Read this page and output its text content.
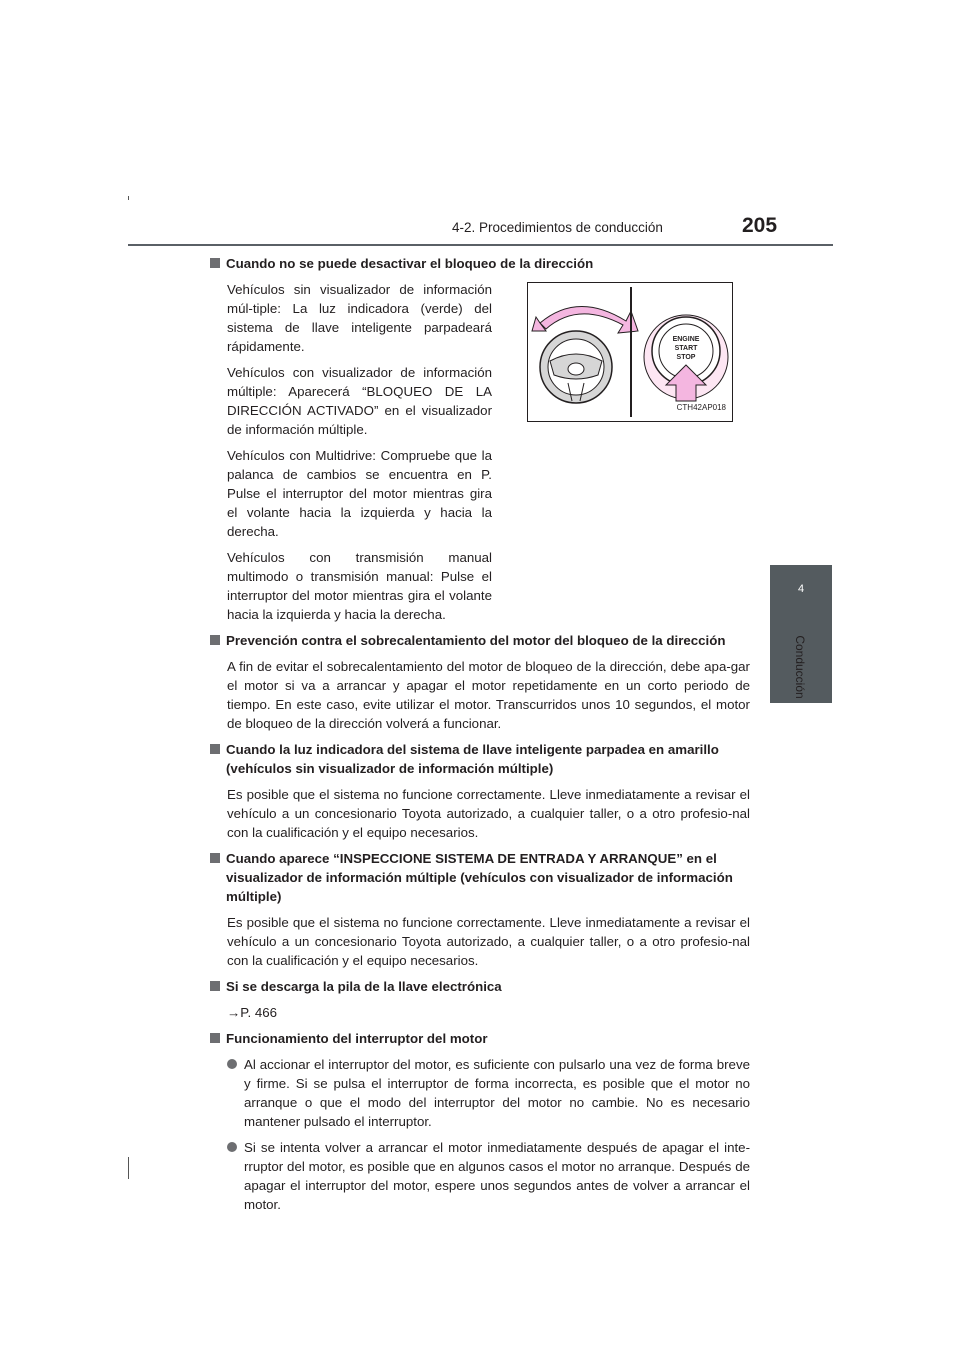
4-2. Procedimientos de conducción	205
4
Conducción
Cuando no se puede desactivar el bloqueo de la dirección

Vehículos sin visualizador de información múl-tiple: La luz indicadora (verde) del sistema de llave inteligente parpadeará rápidamente.

Vehículos con visualizador de información múltiple: Aparecerá “BLOQUEO DE LA DIRECCIÓN ACTIVADO” en el visualizador de información múltiple.

Vehículos con Multidrive: Compruebe que la palanca de cambios se encuentra en P. Pulse el interruptor del motor mientras gira el volante hacia la izquierda y hacia la derecha.

Vehículos con transmisión manual multimodo o transmisión manual: Pulse el interruptor del motor mientras gira el volante hacia la izquierda y hacia la derecha.

ENGINE
START
STOP
CTH42AP018
Prevención contra el sobrecalentamiento del motor del bloqueo de la dirección

A fin de evitar el sobrecalentamiento del motor de bloqueo de la dirección, debe apa-gar el motor si va a arrancar y apagar el motor repetidamente en un corto periodo de tiempo. En este caso, evite utilizar el motor. Transcurridos unos 10 segundos, el motor de bloqueo de la dirección volverá a funcionar.

Cuando la luz indicadora del sistema de llave inteligente parpadea en amarillo (vehículos sin visualizador de información múltiple)

Es posible que el sistema no funcione correctamente. Lleve inmediatamente a revisar el vehículo a un concesionario Toyota autorizado, a cualquier taller, o a otro profesio-nal con la cualificación y el equipo necesarios.

Cuando aparece “INSPECCIONE SISTEMA DE ENTRADA Y ARRANQUE” en el visualizador de información múltiple (vehículos con visualizador de información múltiple)

Es posible que el sistema no funcione correctamente. Lleve inmediatamente a revisar el vehículo a un concesionario Toyota autorizado, a cualquier taller, o a otro profesio-nal con la cualificación y el equipo necesarios.

Si se descarga la pila de la llave electrónica

→P. 466

Funcionamiento del interruptor del motor
Al accionar el interruptor del motor, es suficiente con pulsarlo una vez de forma breve y firme. Si se pulsa el interruptor de forma incorrecta, es posible que el motor no arranque o que el modo del interruptor del motor no cambie. No es necesario mantener pulsado el interruptor.
Si se intenta volver a arrancar el motor inmediatamente después de apagar el inte-rruptor del motor, es posible que en algunos casos el motor no arranque. Después de apagar el interruptor del motor, espere unos segundos antes de volver a arrancar el motor.
